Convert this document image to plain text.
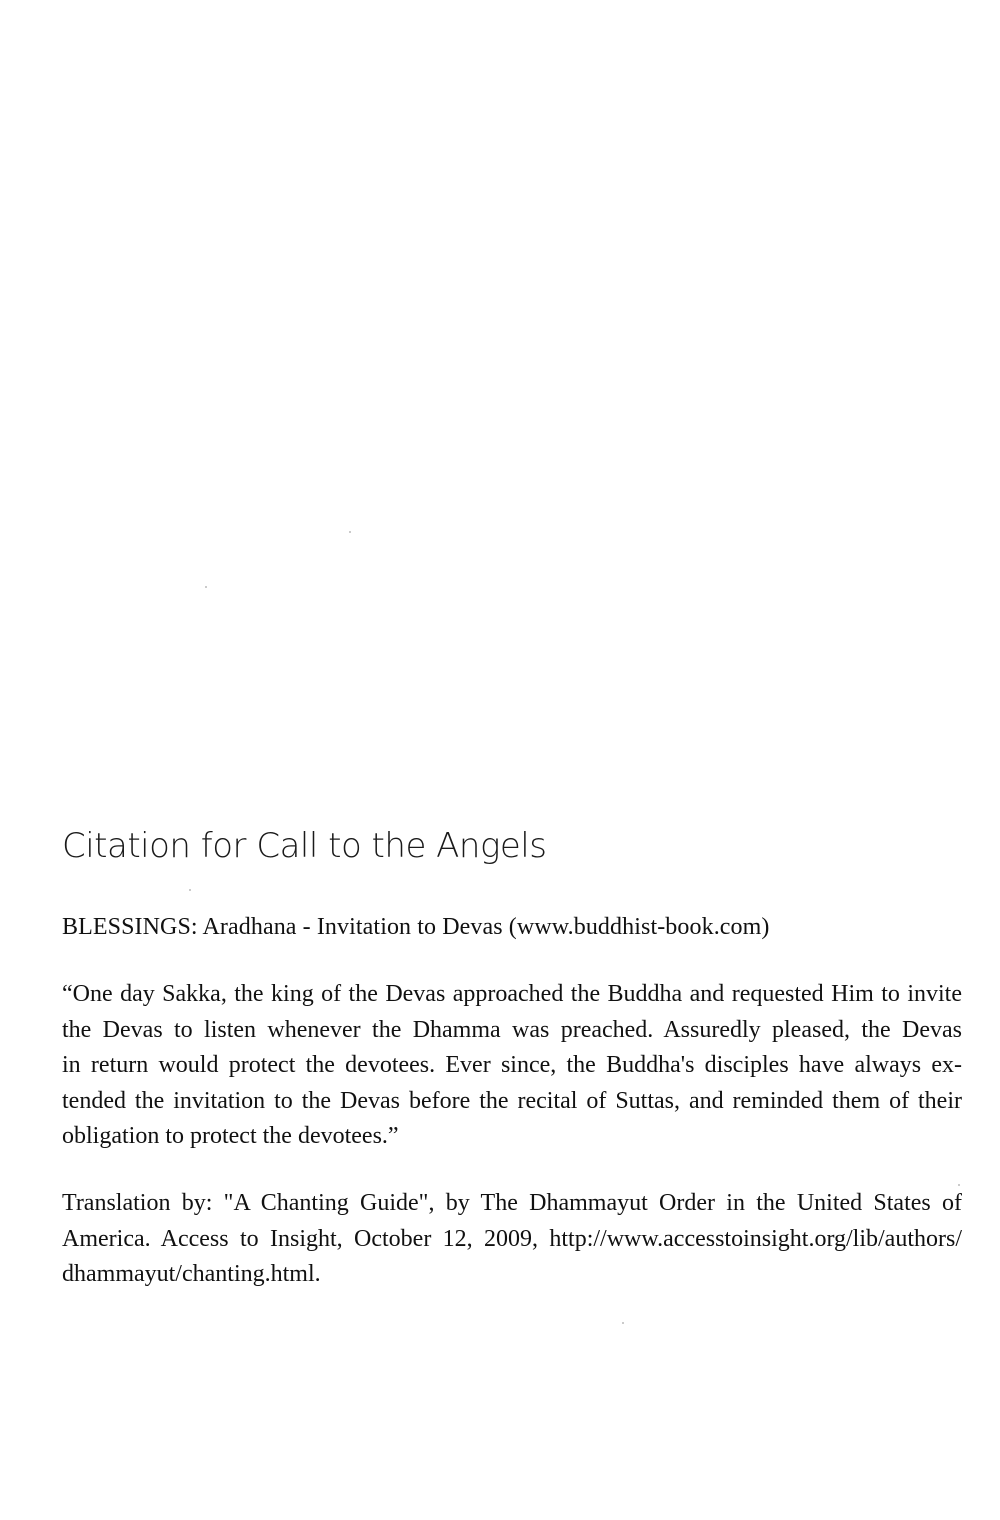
Citation for Call to the Angels

BLESSINGS: Aradhana - Invitation to Devas (www.buddhist-book.com)

“One day Sakka, the king of the Devas approached the Buddha and requested Him to invite
the Devas to listen whenever the Dhamma was preached. Assuredly pleased, the Devas
in return would protect the devotees. Ever since, the Buddha's disciples have always ex-
tended the invitation to the Devas before the recital of Suttas, and reminded them of their
obligation to protect the devotees.”

Translation by: "A Chanting Guide", by The Dhammayut Order in the United States of
America. Access to Insight, October 12, 2009, http://www.accesstoinsight.org/lib/authors/
dhammayut/chanting.html.
